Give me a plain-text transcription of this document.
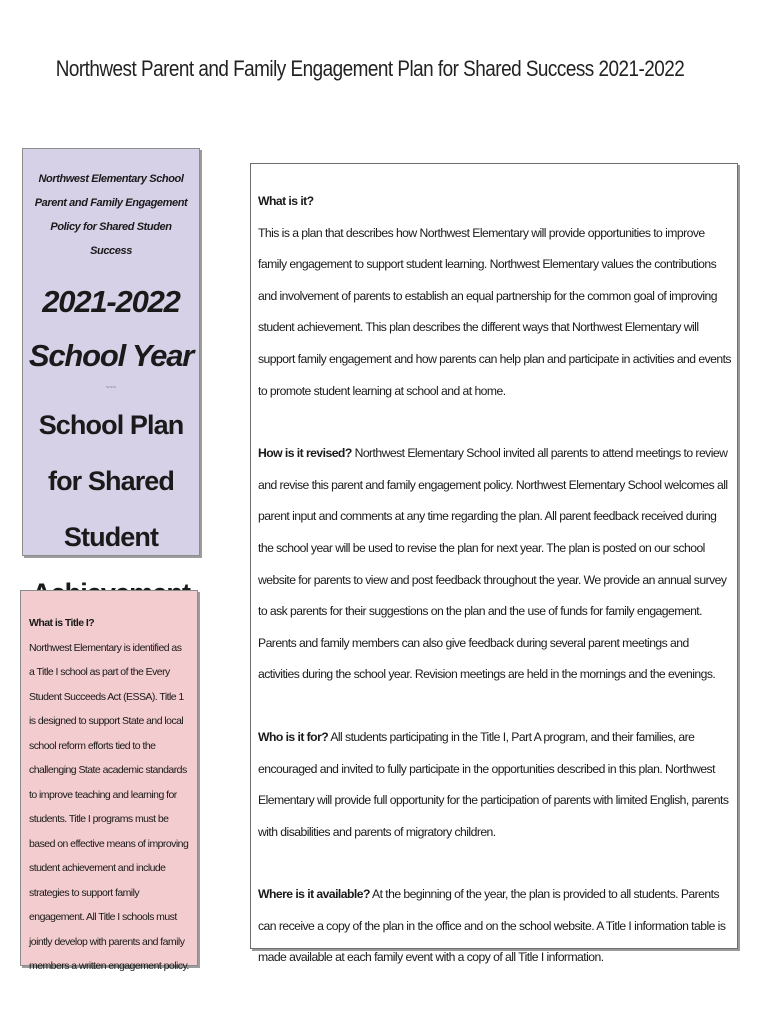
Northwest Parent and Family Engagement Plan for Shared Success 2021-2022
Northwest Elementary School Parent and Family Engagement Policy for Shared Studen Success
2021-2022 School Year
~~~
School Plan for Shared Student
What is Title I?
Northwest Elementary is identified as a Title I school as part of the Every Student Succeeds Act (ESSA). Title 1 is designed to support State and local school reform efforts tied to the challenging State academic standards to improve teaching and learning for students. Title I programs must be based on effective means of improving student achievement and include strategies to support family engagement. All Title I schools must jointly develop with parents and family members a written engagement policy.

What is it?
This is a plan that describes how Northwest Elementary will provide opportunities to improve family engagement to support student learning. Northwest Elementary values the contributions and involvement of parents to establish an equal partnership for the common goal of improving student achievement. This plan describes the different ways that Northwest Elementary will support family engagement and how parents can help plan and participate in activities and events to promote student learning at school and at home.

How is it revised? Northwest Elementary School invited all parents to attend meetings to review and revise this parent and family engagement policy. Northwest Elementary School welcomes all parent input and comments at any time regarding the plan. All parent feedback received during the school year will be used to revise the plan for next year. The plan is posted on our school website for parents to view and post feedback throughout the year. We provide an annual survey to ask parents for their suggestions on the plan and the use of funds for family engagement. Parents and family members can also give feedback during several parent meetings and activities during the school year. Revision meetings are held in the mornings and the evenings.

Who is it for? All students participating in the Title I, Part A program, and their families, are encouraged and invited to fully participate in the opportunities described in this plan. Northwest Elementary will provide full opportunity for the participation of parents with limited English, parents with disabilities and parents of migratory children.

Where is it available? At the beginning of the year, the plan is provided to all students. Parents can receive a copy of the plan in the office and on the school website. A Title I information table is made available at each family event with a copy of all Title I information.
